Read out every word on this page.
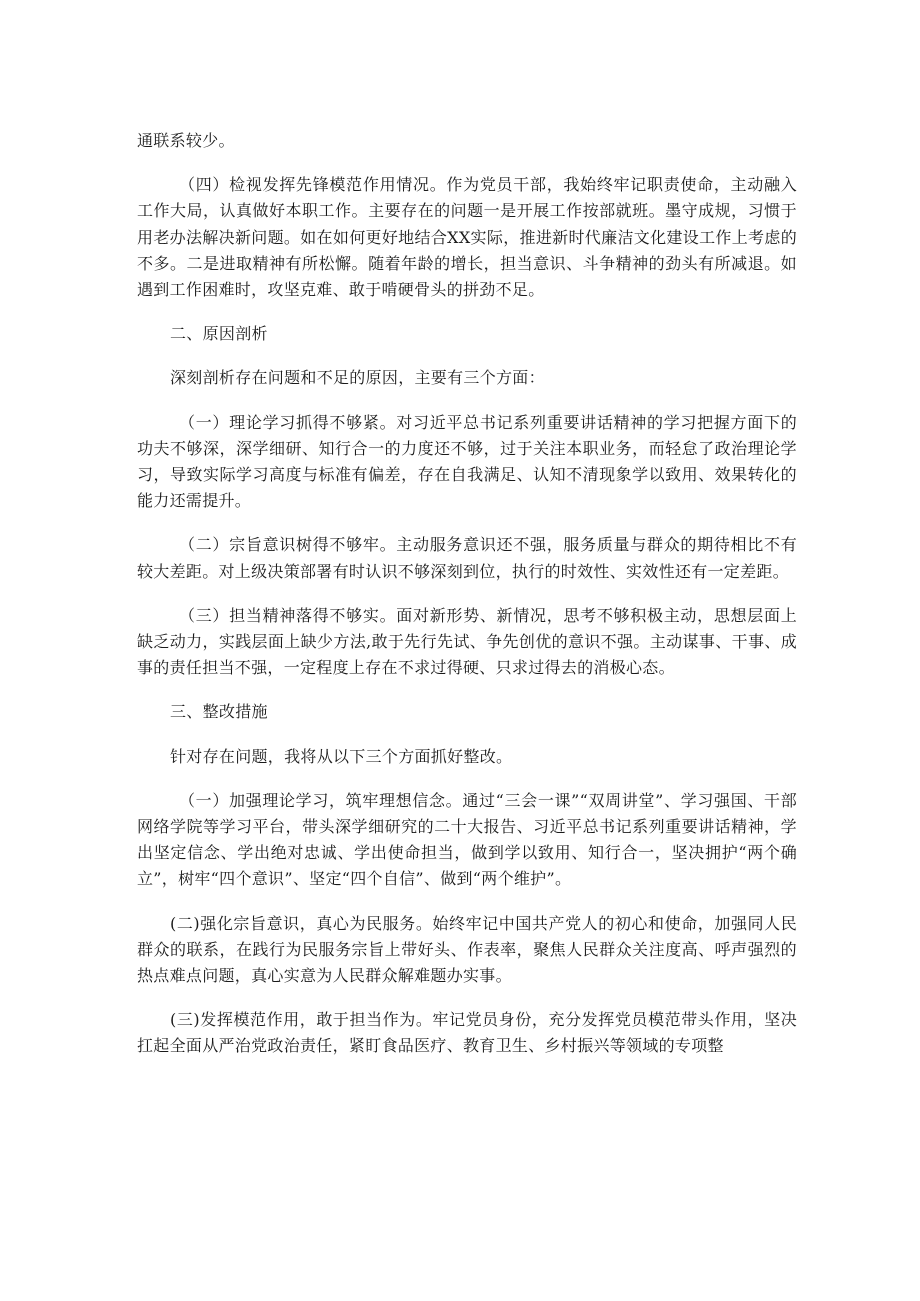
通联系较少。

（四）检视发挥先锋模范作用情况。作为党员干部，我始终牢记职责使命，主动融入工作大局，认真做好本职工作。主要存在的问题一是开展工作按部就班。墨守成规，习惯于用老办法解决新问题。如在如何更好地结合XX实际，推进新时代廉洁文化建设工作上考虑的不多。二是进取精神有所松懈。随着年龄的增长，担当意识、斗争精神的劲头有所减退。如遇到工作困难时，攻坚克难、敢于啃硬骨头的拼劲不足。

二、原因剖析

深刻剖析存在问题和不足的原因，主要有三个方面：

（一）理论学习抓得不够紧。对习近平总书记系列重要讲话精神的学习把握方面下的功夫不够深，深学细研、知行合一的力度还不够，过于关注本职业务，而轻怠了政治理论学习，导致实际学习高度与标准有偏差，存在自我满足、认知不清现象学以致用、效果转化的能力还需提升。

（二）宗旨意识树得不够牢。主动服务意识还不强，服务质量与群众的期待相比不有较大差距。对上级决策部署有时认识不够深刻到位，执行的时效性、实效性还有一定差距。

（三）担当精神落得不够实。面对新形势、新情况，思考不够积极主动，思想层面上缺乏动力，实践层面上缺少方法,敢于先行先试、争先创优的意识不强。主动谋事、干事、成事的责任担当不强，一定程度上存在不求过得硬、只求过得去的消极心态。

三、整改措施

针对存在问题，我将从以下三个方面抓好整改。

（一）加强理论学习，筑牢理想信念。通过“三会一课”“双周讲堂”、学习强国、干部网络学院等学习平台，带头深学细研究的二十大报告、习近平总书记系列重要讲话精神，学出坚定信念、学出绝对忠诚、学出使命担当，做到学以致用、知行合一，坚决拥护“两个确立”，树牢“四个意识”、坚定“四个自信”、做到“两个维护”。

(二)强化宗旨意识，真心为民服务。始终牢记中国共产党人的初心和使命，加强同人民群众的联系，在践行为民服务宗旨上带好头、作表率，聚焦人民群众关注度高、呼声强烈的热点难点问题，真心实意为人民群众解难题办实事。

(三)发挥模范作用，敢于担当作为。牢记党员身份，充分发挥党员模范带头作用，坚决扛起全面从严治党政治责任，紧盯食品医疗、教育卫生、乡村振兴等领域的专项整
